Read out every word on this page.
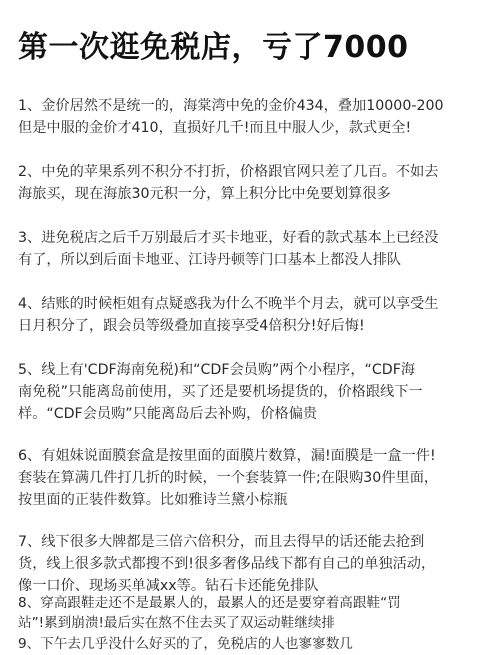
第一次逛免税店，亏了7000
1、金价居然不是统一的，海棠湾中免的金价434，叠加10000-200
但是中服的金价才410，直损好几千!而且中服人少，款式更全!
2、中免的苹果系列不积分不打折，价格跟官网只差了几百。不如去
海旅买，现在海旅30元积一分，算上积分比中免要划算很多
3、进免税店之后千万别最后才买卡地亚，好看的款式基本上已经没
有了，所以到后面卡地亚、江诗丹顿等门口基本上都没人排队
4、结账的时候柜姐有点疑惑我为什么不晚半个月去，就可以享受生
日月积分了，跟会员等级叠加直接享受4倍积分!好后悔!
5、线上有'CDF海南免税)和“CDF会员购”两个小程序，“CDF海
南免税”只能离岛前使用，买了还是要机场提货的，价格跟线下一
样。“CDF会员购”只能离岛后去补购，价格偏贵
6、有姐妹说面膜套盒是按里面的面膜片数算，漏!面膜是一盒一件!
套装在算满几件打几折的时候，一个套装算一件;在限购30件里面，
按里面的正装件数算。比如雅诗兰黛小棕瓶
7、线下很多大牌都是三倍六倍积分，而且去得早的话还能去抢到
货，线上很多款式都搜不到!很多奢侈品线下都有自己的单独活动，
像一口价、现场买单减xx等。钻石卡还能免排队
8、穿高跟鞋走还不是最累人的，最累人的还是要穿着高跟鞋“罚
站”!累到崩溃!最后实在熬不住去买了双运动鞋继续排
9、下午去几乎没什么好买的了，免税店的人也寥寥数几
